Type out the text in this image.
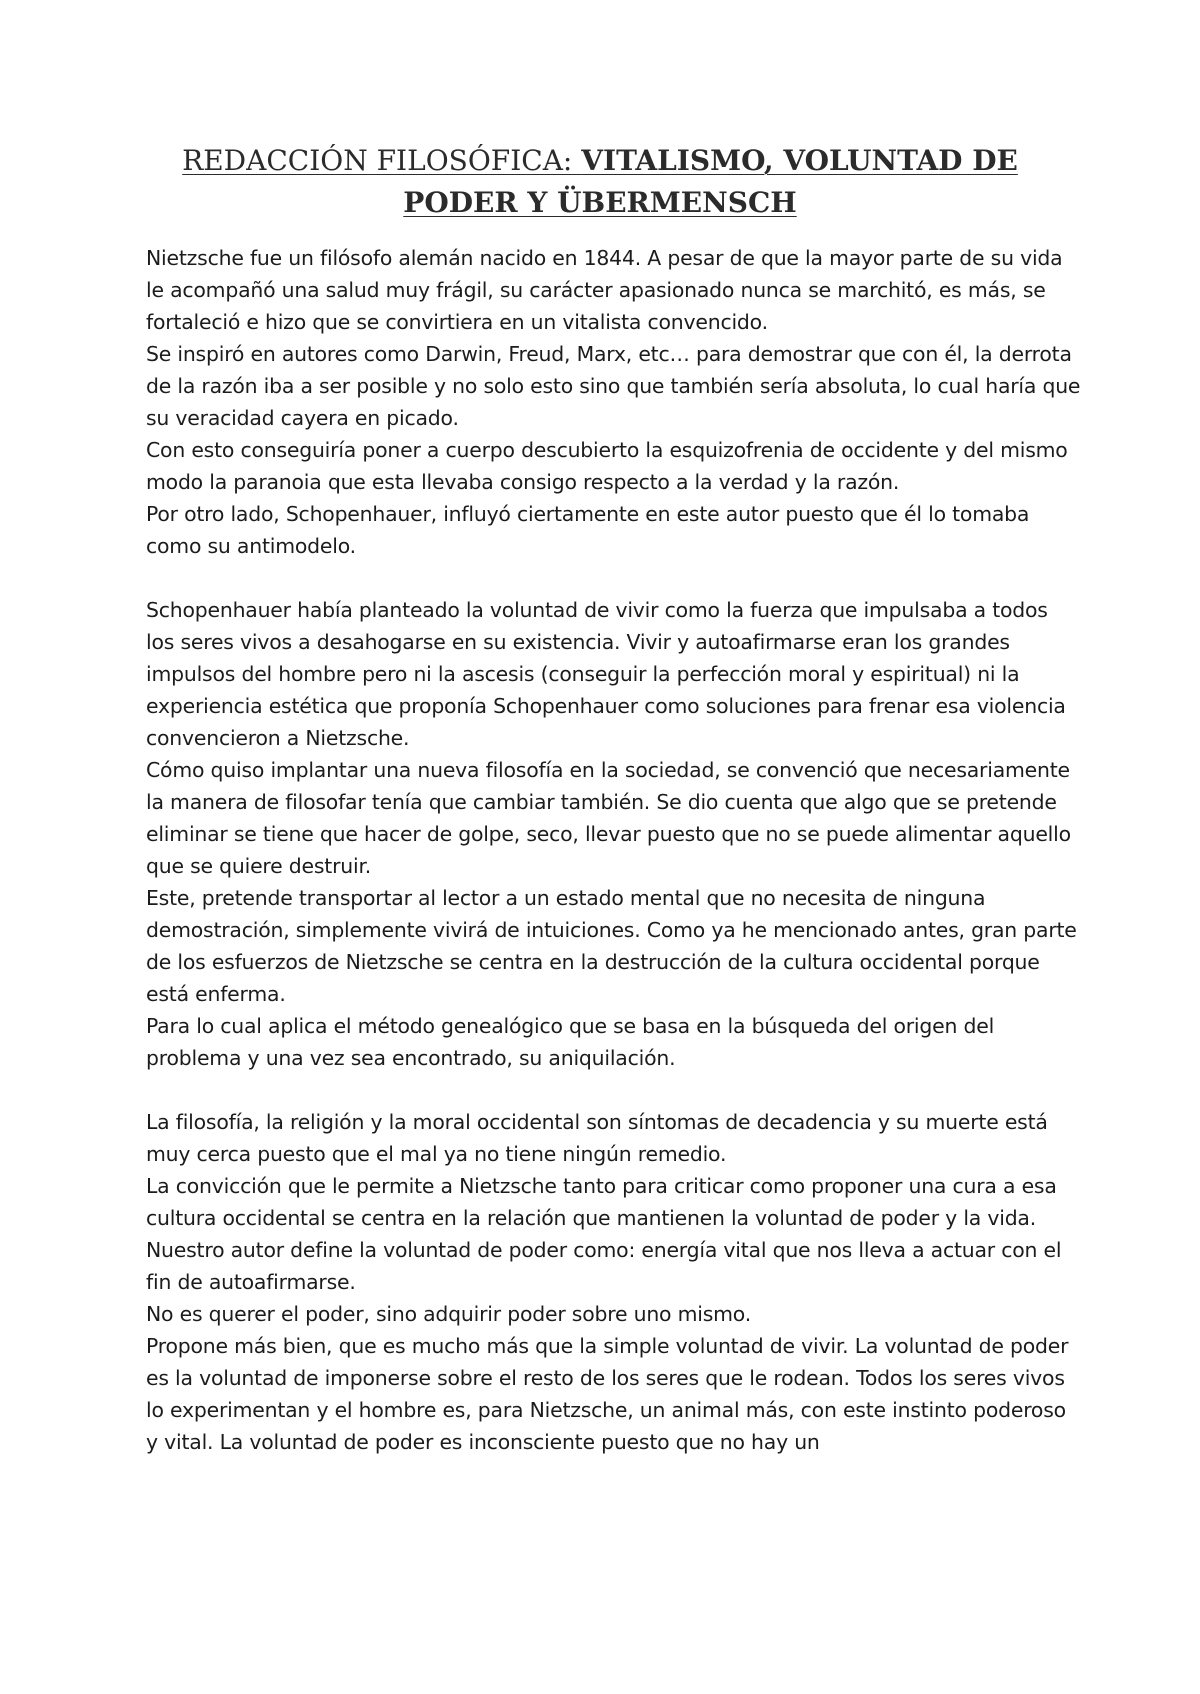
REDACCIÓN FILOSÓFICA: VITALISMO, VOLUNTAD DE
PODER Y ÜBERMENSCH

Nietzsche fue un filósofo alemán nacido en 1844. A pesar de que la mayor parte de su vida le acompañó una salud muy frágil, su carácter apasionado nunca se marchitó, es más, se fortaleció e hizo que se convirtiera en un vitalista convencido.

Se inspiró en autores como Darwin, Freud, Marx, etc… para demostrar que con él, la derrota de la razón iba a ser posible y no solo esto sino que también sería absoluta, lo cual haría que su veracidad cayera en picado.

Con esto conseguiría poner a cuerpo descubierto la esquizofrenia de occidente y del mismo modo la paranoia que esta llevaba consigo respecto a la verdad y la razón.

Por otro lado, Schopenhauer, influyó ciertamente en este autor puesto que él lo tomaba como su antimodelo.

Schopenhauer había planteado la voluntad de vivir como la fuerza que impulsaba a todos los seres vivos a desahogarse en su existencia. Vivir y autoafirmarse eran los grandes impulsos del hombre pero ni la ascesis (conseguir la perfección moral y espiritual) ni la experiencia estética que proponía Schopenhauer como soluciones para frenar esa violencia convencieron a Nietzsche.

Cómo quiso implantar una nueva filosofía en la sociedad, se convenció que necesariamente la manera de filosofar tenía que cambiar también. Se dio cuenta que algo que se pretende eliminar se tiene que hacer de golpe, seco, llevar puesto que no se puede alimentar aquello que se quiere destruir.

Este, pretende transportar al lector a un estado mental que no necesita de ninguna demostración, simplemente vivirá de intuiciones. Como ya he mencionado antes, gran parte de los esfuerzos de Nietzsche se centra en la destrucción de la cultura occidental porque está enferma.

Para lo cual aplica el método genealógico que se basa en la búsqueda del origen del problema y una vez sea encontrado, su aniquilación.

La filosofía, la religión y la moral occidental son síntomas de decadencia y su muerte está muy cerca puesto que el mal ya no tiene ningún remedio.

La convicción que le permite a Nietzsche tanto para criticar como proponer una cura a esa cultura occidental se centra en la relación que mantienen la voluntad de poder y la vida.

Nuestro autor define la voluntad de poder como: energía vital que nos lleva a actuar con el fin de autoafirmarse.

No es querer el poder, sino adquirir poder sobre uno mismo.

Propone más bien, que es mucho más que la simple voluntad de vivir. La voluntad de poder es la voluntad de imponerse sobre el resto de los seres que le rodean. Todos los seres vivos lo experimentan y el hombre es, para Nietzsche, un animal más, con este instinto poderoso y vital. La voluntad de poder es inconsciente puesto que no hay un
